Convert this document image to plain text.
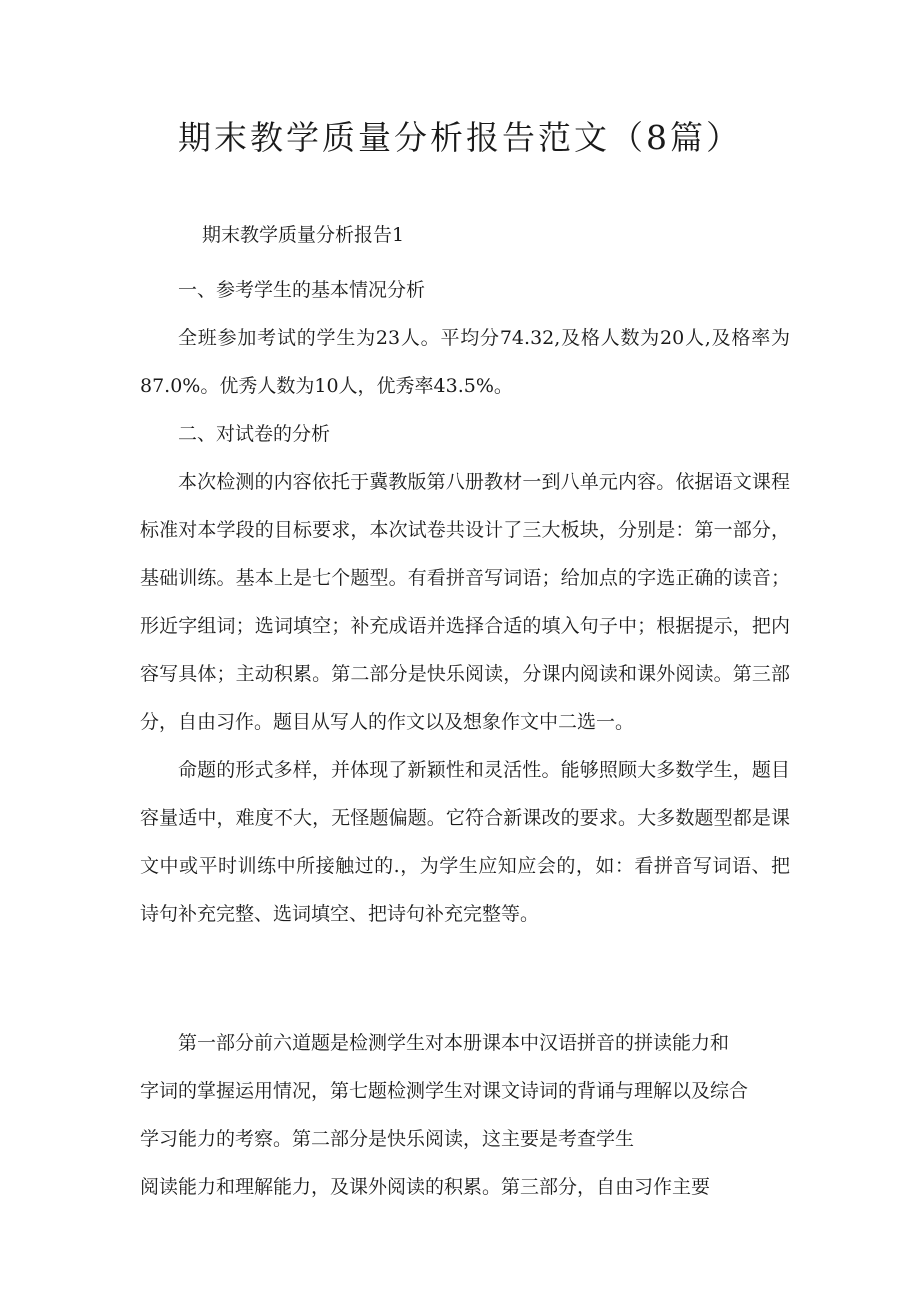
期末教学质量分析报告范文（8篇）

期末教学质量分析报告1

一、参考学生的基本情况分析

全班参加考试的学生为23人。平均分74.32,及格人数为20人,及格率为87.0%。优秀人数为10人，优秀率43.5%。

二、对试卷的分析

本次检测的内容依托于冀教版第八册教材一到八单元内容。依据语文课程标准对本学段的目标要求，本次试卷共设计了三大板块，分别是：第一部分，基础训练。基本上是七个题型。有看拼音写词语；给加点的字选正确的读音；形近字组词；选词填空；补充成语并选择合适的填入句子中；根据提示，把内容写具体；主动积累。第二部分是快乐阅读，分课内阅读和课外阅读。第三部分，自由习作。题目从写人的作文以及想象作文中二选一。

命题的形式多样，并体现了新颖性和灵活性。能够照顾大多数学生，题目容量适中，难度不大，无怪题偏题。它符合新课改的要求。大多数题型都是课文中或平时训练中所接触过的.，为学生应知应会的，如：看拼音写词语、把诗句补充完整、选词填空、把诗句补充完整等。

第一部分前六道题是检测学生对本册课本中汉语拼音的拼读能力和

字词的掌握运用情况，第七题检测学生对课文诗词的背诵与理解以及综合

学习能力的考察。第二部分是快乐阅读，这主要是考查学生

阅读能力和理解能力，及课外阅读的积累。第三部分，自由习作主要
